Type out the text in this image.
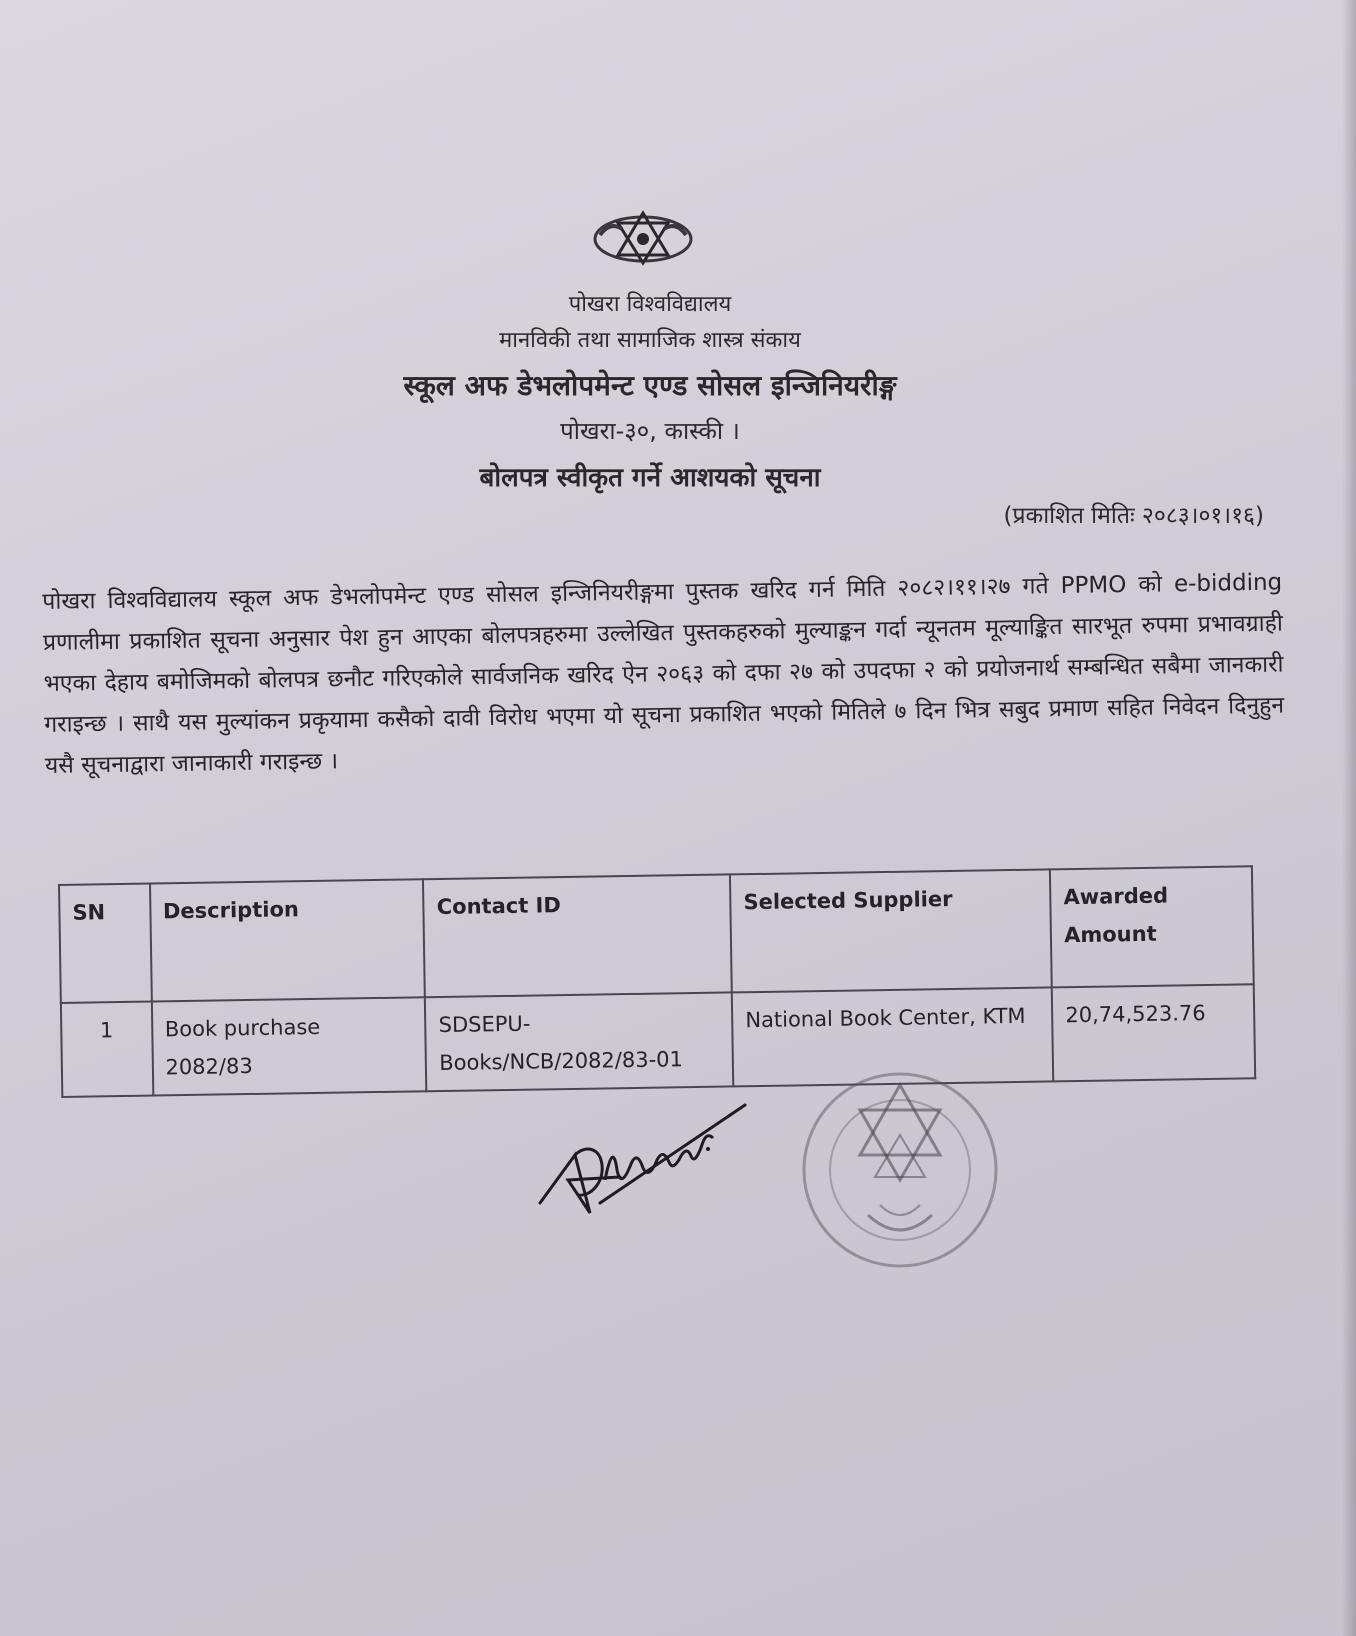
पोखरा विश्वविद्यालय
मानविकी तथा सामाजिक शास्त्र संकाय
स्कूल अफ डेभलोपमेन्ट एण्ड सोसल इन्जिनियरीङ्ग
पोखरा-३०, कास्की ।
बोलपत्र स्वीकृत गर्ने आशयको सूचना
(प्रकाशित मितिः २०८३।०१।१६)
पोखरा विश्वविद्यालय स्कूल अफ डेभलोपमेन्ट एण्ड सोसल इन्जिनियरीङ्गमा पुस्तक खरिद गर्न मिति २०८२।११।२७ गते PPMO को e-bidding प्रणालीमा प्रकाशित सूचना अनुसार पेश हुन आएका बोलपत्रहरुमा उल्लेखित पुस्तकहरुको मुल्याङ्कन गर्दा न्यूनतम मूल्याङ्कित सारभूत रुपमा प्रभावग्राही भएका देहाय बमोजिमको बोलपत्र छनौट गरिएकोले सार्वजनिक खरिद ऐन २०६३ को दफा २७ को उपदफा २ को प्रयोजनार्थ सम्बन्धित सबैमा जानकारी गराइन्छ । साथै यस मुल्यांकन प्रकृयामा कसैको दावी विरोध भएमा यो सूचना प्रकाशित भएको मितिले ७ दिन भित्र सबुद प्रमाण सहित निवेदन दिनुहुन यसै सूचनाद्वारा जानाकारी गराइन्छ ।
SN	Description	Contact ID	Selected Supplier	Awarded Amount
1	Book purchase 2082/83	SDSEPU-Books/NCB/2082/83-01	National Book Center, KTM	20,74,523.76
